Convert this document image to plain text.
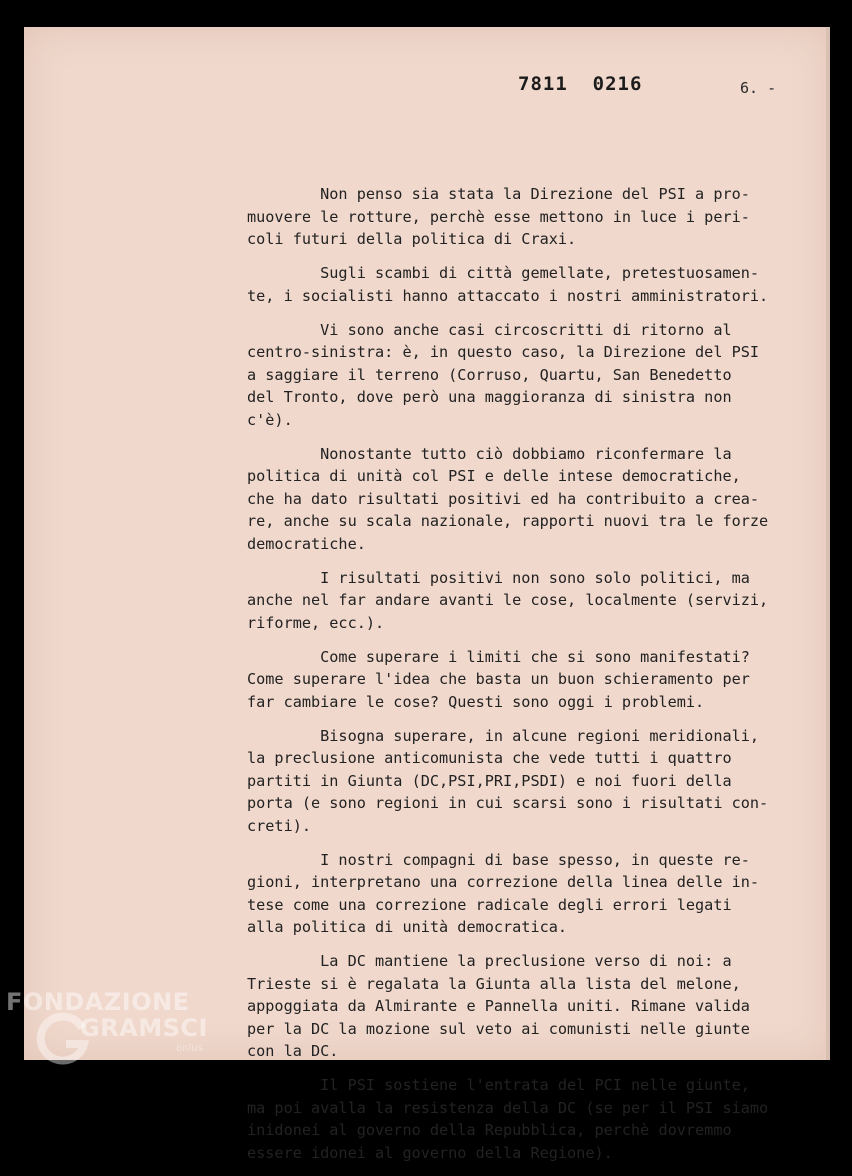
7811  0216	6. -
Non penso sia stata la Direzione del PSI a pro-
muovere le rotture, perchè esse mettono in luce i peri-
coli futuri della politica di Craxi.
Sugli scambi di città gemellate, pretestuosamen-
te, i socialisti hanno attaccato i nostri amministratori.
Vi sono anche casi circoscritti di ritorno al
centro-sinistra: è, in questo caso, la Direzione del PSI
a saggiare il terreno (Corruso, Quartu, San Benedetto
del Tronto, dove però una maggioranza di sinistra non
c'è).
Nonostante tutto ciò dobbiamo riconfermare la
politica di unità col PSI e delle intese democratiche,
che ha dato risultati positivi ed ha contribuito a crea-
re, anche su scala nazionale, rapporti nuovi tra le forze
democratiche.
I risultati positivi non sono solo politici, ma
anche nel far andare avanti le cose, localmente (servizi,
riforme, ecc.).
Come superare i limiti che si sono manifestati?
Come superare l'idea che basta un buon schieramento per
far cambiare le cose? Questi sono oggi i problemi.
Bisogna superare, in alcune regioni meridionali,
la preclusione anticomunista che vede tutti i quattro
partiti in Giunta (DC,PSI,PRI,PSDI) e noi fuori della
porta (e sono regioni in cui scarsi sono i risultati con-
creti).
I nostri compagni di base spesso, in queste re-
gioni, interpretano una correzione della linea delle in-
tese come una correzione radicale degli errori legati
alla politica di unità democratica.
La DC mantiene la preclusione verso di noi: a
Trieste si è regalata la Giunta alla lista del melone,
appoggiata da Almirante e Pannella uniti. Rimane valida
per la DC la mozione sul veto ai comunisti nelle giunte
con la DC.
Il PSI sostiene l'entrata del PCI nelle giunte,
ma poi avalla la resistenza della DC (se per il PSI siamo
inidonei al governo della Repubblica, perchè dovremmo
essere idonei al governo della Regione).
FONDAZIONE
GRAMSCI
onlus
